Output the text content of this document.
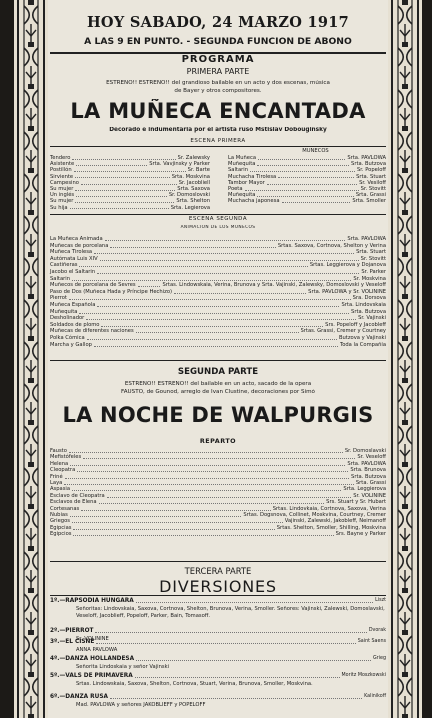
HOY SABADO, 24 MARZO 1917
A LAS 9 EN PUNTO. - SEGUNDA FUNCION DE ABONO
PROGRAMA
PRIMERA PARTE
ESTRENO!! ESTRENO!! del grandioso bailable en un acto y dos escenas, música
de Bayer y otros compositores.
LA MUÑECA ENCANTADA
Decorado e indumentaria por el artista ruso Mstislav Dobouginsky
ESCENA PRIMERA
MUÑECOS
Tendero	Sr. Zalewsky
Asistente	Srta. Vavjinsky y Parker
Postillón	Sr. Barte
Sirviente	Srta. Moskvina
Campesino	Sr. Jacobliell
Su mujer	Srta. Saxova
Un inglés	Sr. Domoslovski
Su mujer	Srta. Shelton
Su hija	Srta. Legierova
La Muñeca	Srta. PAVLOWA
Muñequita	Srta. Butzova
Saltarin	Sr. Popeloff
Muchacha Tirolesa	Srta. Stuart
Tambor Mayor	Sr. Vesiloff
Poeta	Sr. Stovitt
Muñequita	Srta. Grassi
Muchacha japonesa	Srta. Smoller
ESCENA SEGUNDA
ANIMACIÓN DE LOS MUÑECOS
La Muñeca Animada	Srta. PAVLOWA
Muñecas de porcelana	Srtas. Saxova, Cortnova, Shelton y Verina
Muñeca Tirolesa	Srta. Stuart
Autómata Luis XIV	Sr. Stovitt
Castiñeras	Srtas. Leggierova y Dojanova
Jacobo el Saltarin	Sr. Parker
Saltarin	Sr. Moskvina
Muñecos de porcelana de Sevres	Srtas. Lindowskaia, Verina, Brunova y Srta. Vajinski, Zalewsky, Domoslovski y Veseloff
Paso de Dos (Muñeca Hada y Príncipe Hechizo)	Srta. PAVLOWA y Sr. VOLININE
Pierrot	Sra. Dorsova
Muñeca Española	Srta. Lindovskaia
Muñequita	Srta. Butzova
Desholinador	Sr. Vajinski
Soldados de plomo	Srs. Popeloff y Jacobleff
Muñecas de diferentes naciones	Srtas. Grassi, Cremer y Courtney
Polka Cómica	Butzova y Vajinski
Marcha y Gallop	Toda la Compañía
SEGUNDA PARTE
ESTRENO!! ESTRENO!! del bailable en un acto, sacado de la opera
FAUSTO, de Gounod, arreglo de Ivan Clustine, decoraciones por Simó
LA NOCHE DE WALPURGIS
REPARTO
Fausto	Sr. Domoslavski
Mefistófeles	Sr. Veseloff
Helena	Srta. PAVLOWA
Cleopatra	Srta. Brunova
Friné	Srta. Butzova
Laya	Srta. Grassi
Aspasia	Srta. Leggierova
Esclavo de Cleopatra	Sr. VOLININE
Esclavos de Elena	Srs. Stuart y Sr. Hubart
Cortesanas	Srtas. Lindovkaia, Cortnova, Saxova, Verina
Nubias	Srtas. Dogsnova, Collinet, Moskvina, Courtney, Cremer
Griegos	Vajinski, Zalewski, Jakobleff, Neimanoff
Egipcias	Srtas. Shelton, Smoller, Shilling, Moskvina
Egipcios	Srs. Bayne y Parker
TERCERA PARTE
DIVERSIONES
1º.—RAPSODIA HUNGARA	Liszt
Señoritas: Lindovskaia, Saxova, Cortnova, Shelton, Brunova, Verina, Smoller. Señores: Vajinski, Zalewski, Domoslavski, Veseloff, Jacoblieff, Popeloff, Parker, Bain, Tomasoff.
2º.—PIERROT	Dvorak
Sr. VOLININE
3º.—EL CISNE	Saint Saens
ANNA PAVLOWA
4º.—DANZA HOLLANDESA	Grieg
Señorita Lindoskaia y señor Vajinski
5º.—VALS DE PRIMAVERA	Moritz Moszkowski
Srtas. Lindowskaia, Saxova, Shelton, Cortnova, Stuart, Verina, Brunova, Smoller, Moskvina.
6º.—DANZA RUSA	Kalinikoff
Mad. PAVLOWA y señores JAKOBLIEFF y POPELOFF
